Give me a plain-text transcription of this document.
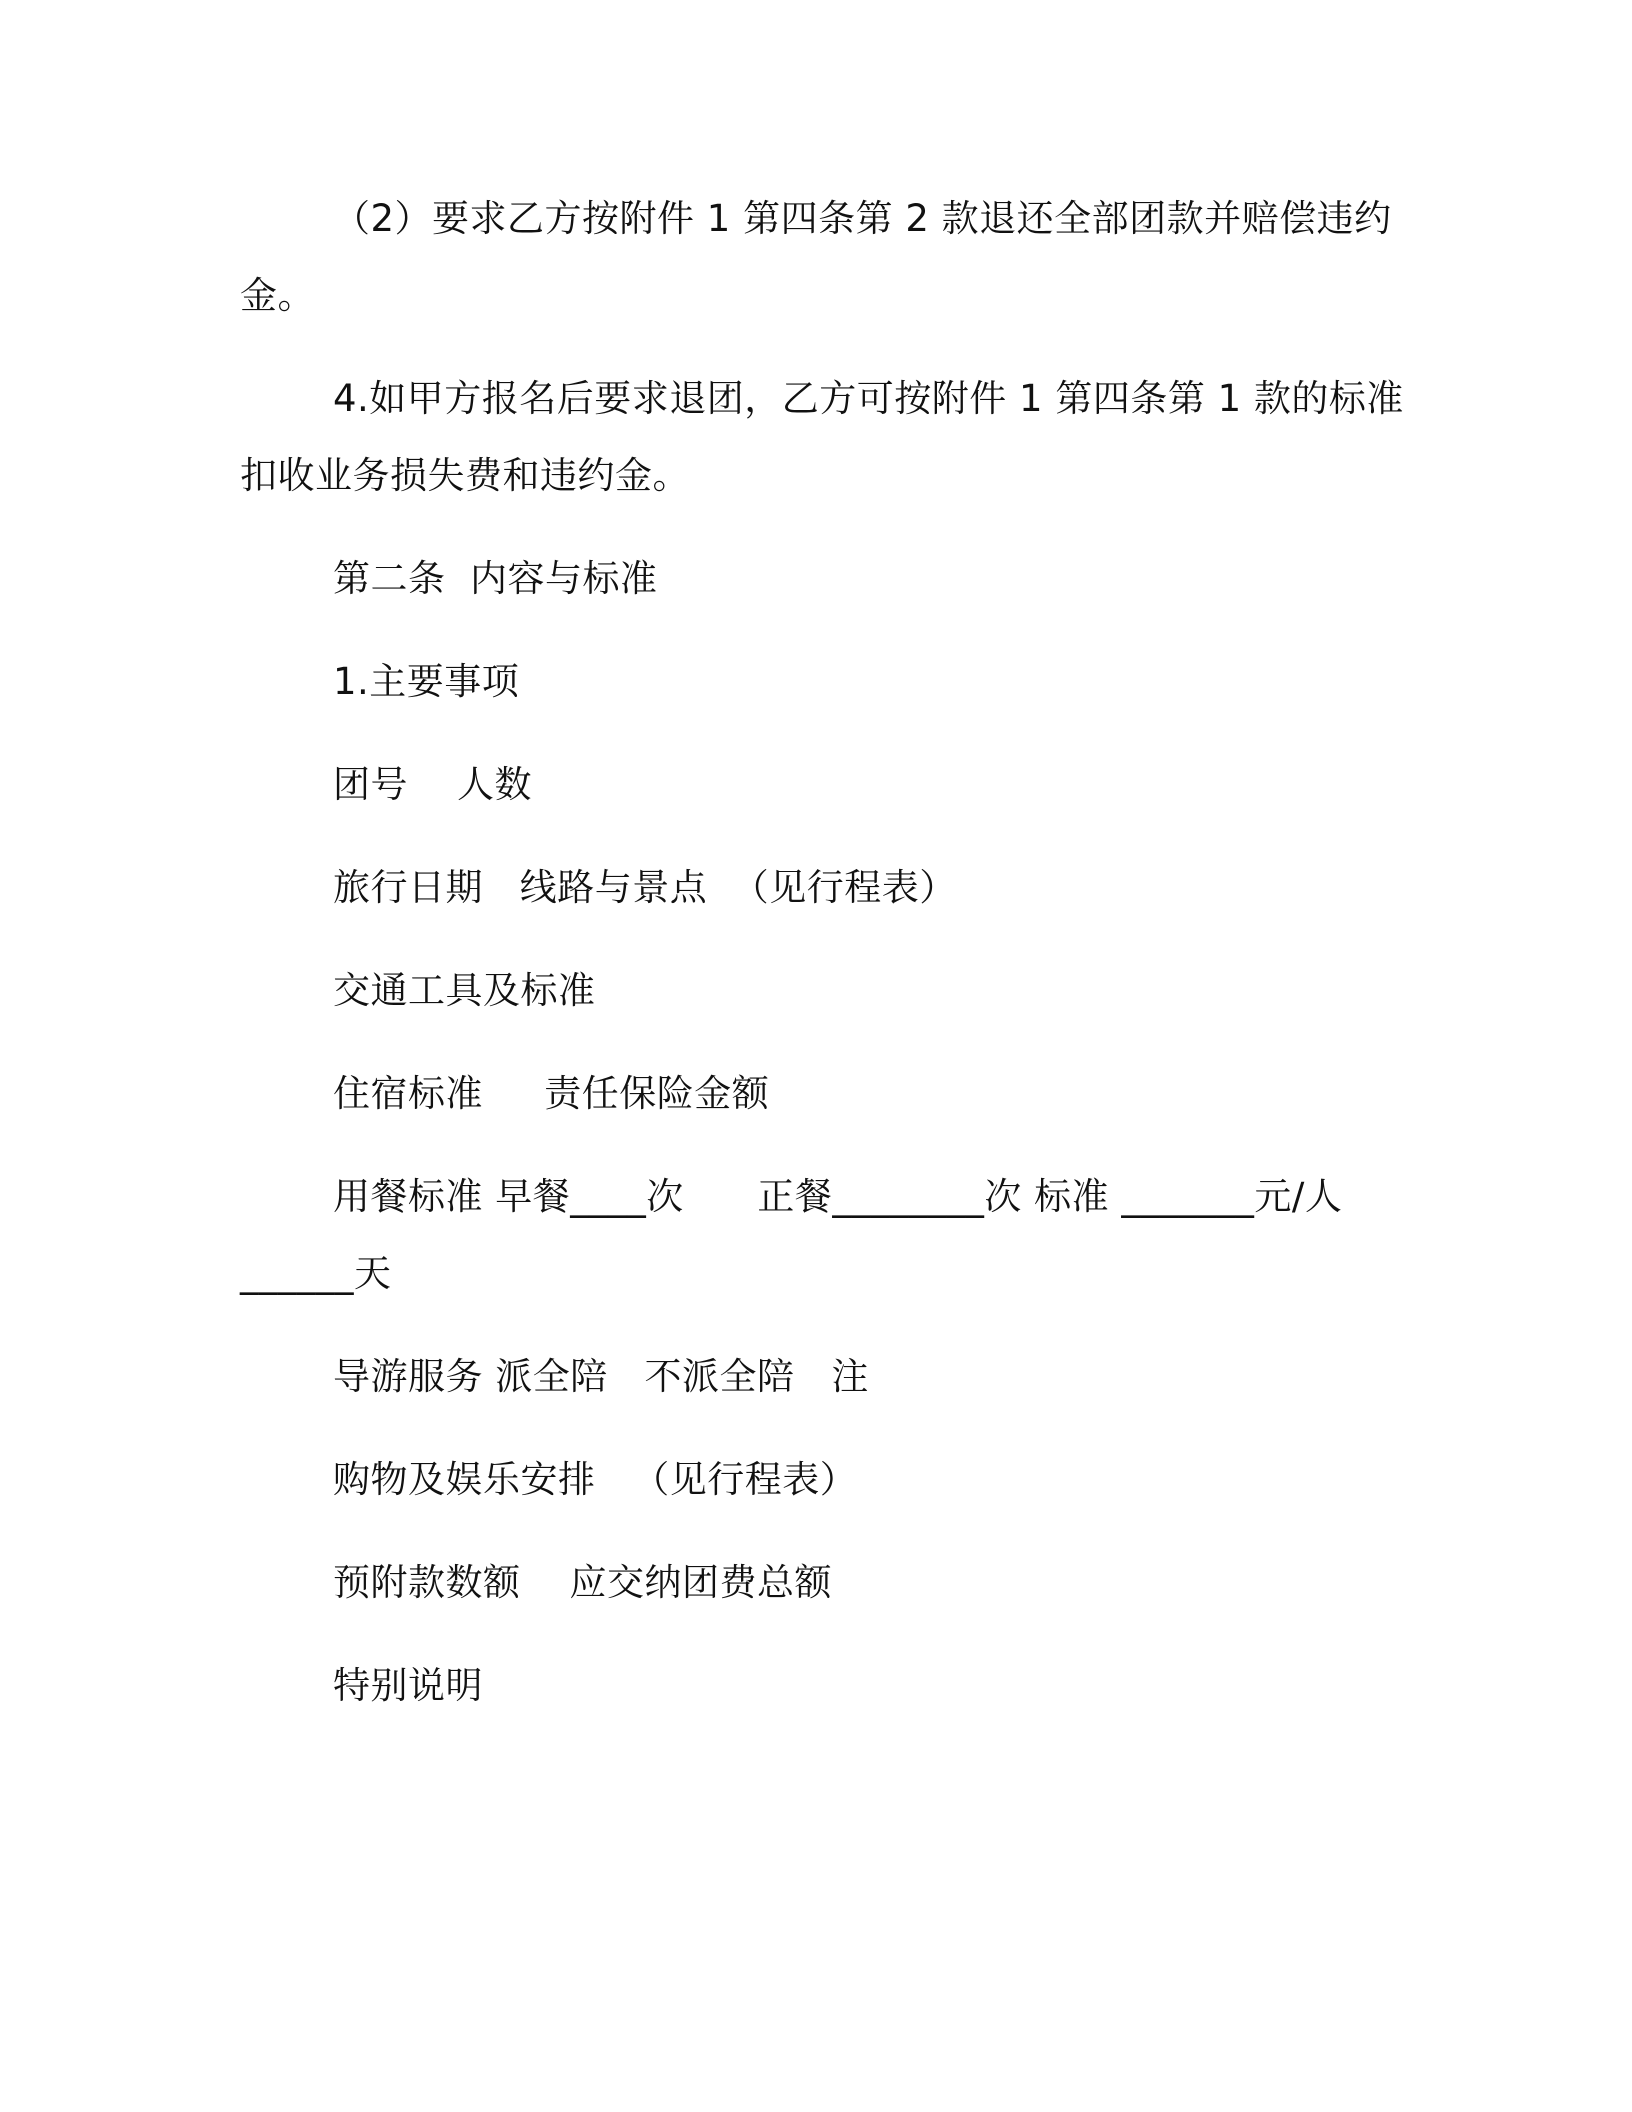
（2）要求乙方按附件 1 第四条第 2 款退还全部团款并赔偿违约
金。
4.如甲方报名后要求退团，乙方可按附件 1 第四条第 1 款的标准
扣收业务损失费和违约金。
第二条  内容与标准
1.主要事项
团号    人数
旅行日期   线路与景点  （见行程表）
交通工具及标准
住宿标准     责任保险金额
用餐标准 早餐____次      正餐________次 标准 _______元/人
______天
导游服务 派全陪   不派全陪   注
购物及娱乐安排   （见行程表）
预附款数额    应交纳团费总额
特别说明
